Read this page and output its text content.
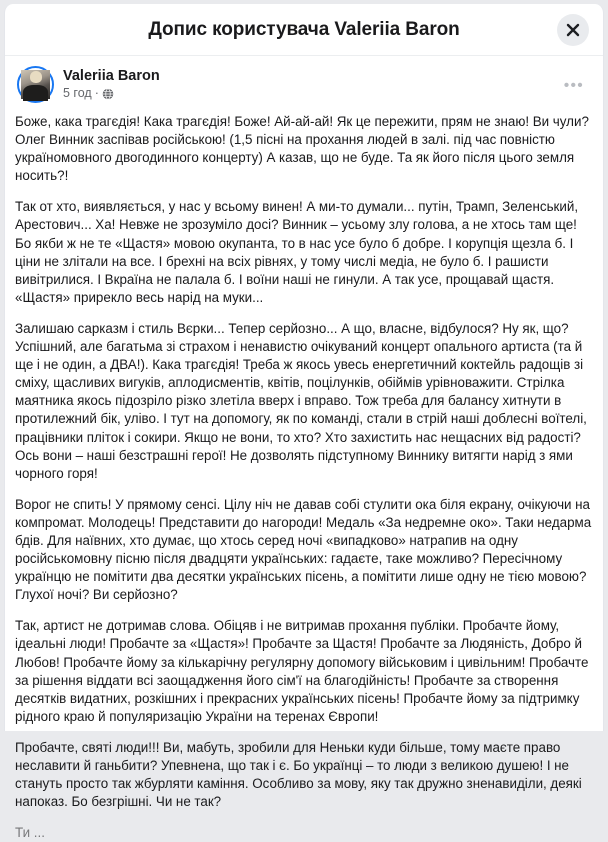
Допис користувача Valeriia Baron
Valeriia Baron
5 год ·	•••

Боже, кака трагєдія! Кака трагєдія! Боже! Ай-ай-ай! Як це пережити, прям не знаю! Ви чули? Олег Винник заспівав російською! (1,5 пісні на прохання людей в залі. під час повністю україномовного двогодинного концерту) А казав, що не буде. Та як його після цього земля носить?!

Так от хто, виявляється, у нас у всьому винен! А ми-то думали... путін, Трамп, Зеленський, Арестович... Ха! Невже не зрозуміло досі? Винник – усьому злу голова, а не хтось там ще! Бо якби ж не те «Щастя» мовою окупанта, то в нас усе було б добре. І корупція щезла б. І ціни не злітали на все. І брехні на всіх рівнях, у тому числі медіа, не було б. І рашисти вивітрилися. І Вкраїна не палала б. І воїни наші не гинули. А так усе, прощавай щастя. «Щастя» прирекло весь нарід на муки...

Залишаю сарказм і стиль Вєрки... Тепер серйозно... А що, власне, відбулося? Ну як, що? Успішний, але багатьма зі страхом і ненавистю очікуваний концерт опального артиста (та й ще і не один, а ДВА!). Кака трагєдія! Треба ж якось увесь енергетичний коктейль радощів зі сміху, щасливих вигуків, аплодисментів, квітів, поцілунків, обіймів урівноважити. Стрілка маятника якось підозріло різко злетіла вверх і вправо. Тож треба для балансу хитнути в протилежний бік, уліво. І тут на допомогу, як по команді, стали в стрій наші доблесні воїтелі, працівники пліток і сокири. Якщо не вони, то хто? Хто захистить нас нещасних від радості? Ось вони – наші безстрашні герої! Не дозволять підступному Виннику витягти нарід з ями чорного горя!

Ворог не спить! У прямому сенсі. Цілу ніч не давав собі стулити ока біля екрану, очікуючи на компромат. Молодець! Представити до нагороди! Медаль «За недремне око». Таки недарма бдів. Для наївних, хто думає, що хтось серед ночі «випадково» натрапив на одну російськомовну пісню після двадцяти українських: гадаєте, таке можливо? Пересічному українцю не помітити два десятки українських пісень, а помітити лише одну не тією мовою? Глухої ночі? Ви серйозно?

Так, артист не дотримав слова. Обіцяв і не витримав прохання публіки. Пробачте йому, ідеальні люди! Пробачте за «Щастя»! Пробачте за Щастя! Пробачте за Людяність, Добро й Любов! Пробачте йому за кількарічну регулярну допомогу військовим і цивільним! Пробачте за рішення віддати всі заощадження його сім'ї на благодійність! Пробачте за створення десятків видатних, розкішних і прекрасних українських пісень! Пробачте йому за підтримку рідного краю й популяризацію України на теренах Європи!

Пробачте, святі люди!!! Ви, мабуть, зробили для Неньки куди більше, тому маєте право неславити й ганьбити? Упевнена, що так і є. Бо українці – то люди з великою душею! І не стануть просто так жбурляти каміння. Особливо за мову, яку так дружно зненавиділи, деякі напоказ. Бо безгрішні. Чи не так?

Ти ...
